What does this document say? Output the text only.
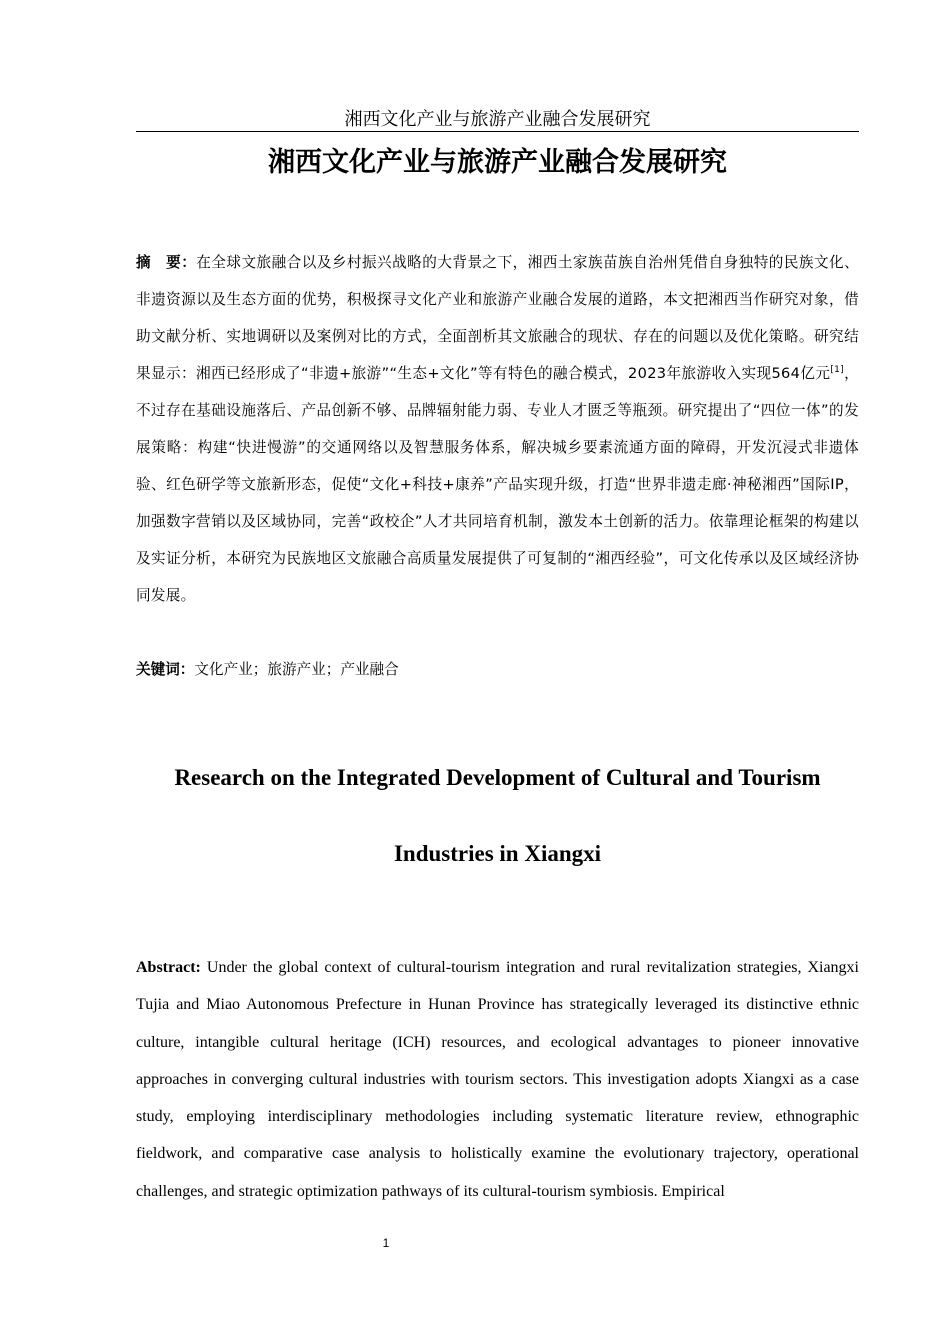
湘西文化产业与旅游产业融合发展研究
湘西文化产业与旅游产业融合发展研究
摘　要：在全球文旅融合以及乡村振兴战略的大背景之下，湘西土家族苗族自治州凭借自身独特的民族文化、非遗资源以及生态方面的优势，积极探寻文化产业和旅游产业融合发展的道路，本文把湘西当作研究对象，借助文献分析、实地调研以及案例对比的方式，全面剖析其文旅融合的现状、存在的问题以及优化策略。研究结果显示：湘西已经形成了“非遗+旅游”“生态+文化”等有特色的融合模式，2023年旅游收入实现564亿元[1]，不过存在基础设施落后、产品创新不够、品牌辐射能力弱、专业人才匮乏等瓶颈。研究提出了“四位一体”的发展策略：构建“快进慢游”的交通网络以及智慧服务体系，解决城乡要素流通方面的障碍，开发沉浸式非遗体验、红色研学等文旅新形态，促使“文化+科技+康养”产品实现升级，打造“世界非遗走廊·神秘湘西”国际IP，加强数字营销以及区域协同，完善“政校企”人才共同培育机制，激发本土创新的活力。依靠理论框架的构建以及实证分析，本研究为民族地区文旅融合高质量发展提供了可复制的“湘西经验”，可文化传承以及区域经济协同发展。
关键词：文化产业；旅游产业；产业融合
Research on the Integrated Development of Cultural and Tourism
Industries in Xiangxi
Abstract: Under the global context of cultural-tourism integration and rural revitalization strategies, Xiangxi Tujia and Miao Autonomous Prefecture in Hunan Province has strategically leveraged its distinctive ethnic culture, intangible cultural heritage (ICH) resources, and ecological advantages to pioneer innovative approaches in converging cultural industries with tourism sectors. This investigation adopts Xiangxi as a case study, employing interdisciplinary methodologies including systematic literature review, ethnographic fieldwork, and comparative case analysis to holistically examine the evolutionary trajectory, operational challenges, and strategic optimization pathways of its cultural-tourism symbiosis. Empirical
1
